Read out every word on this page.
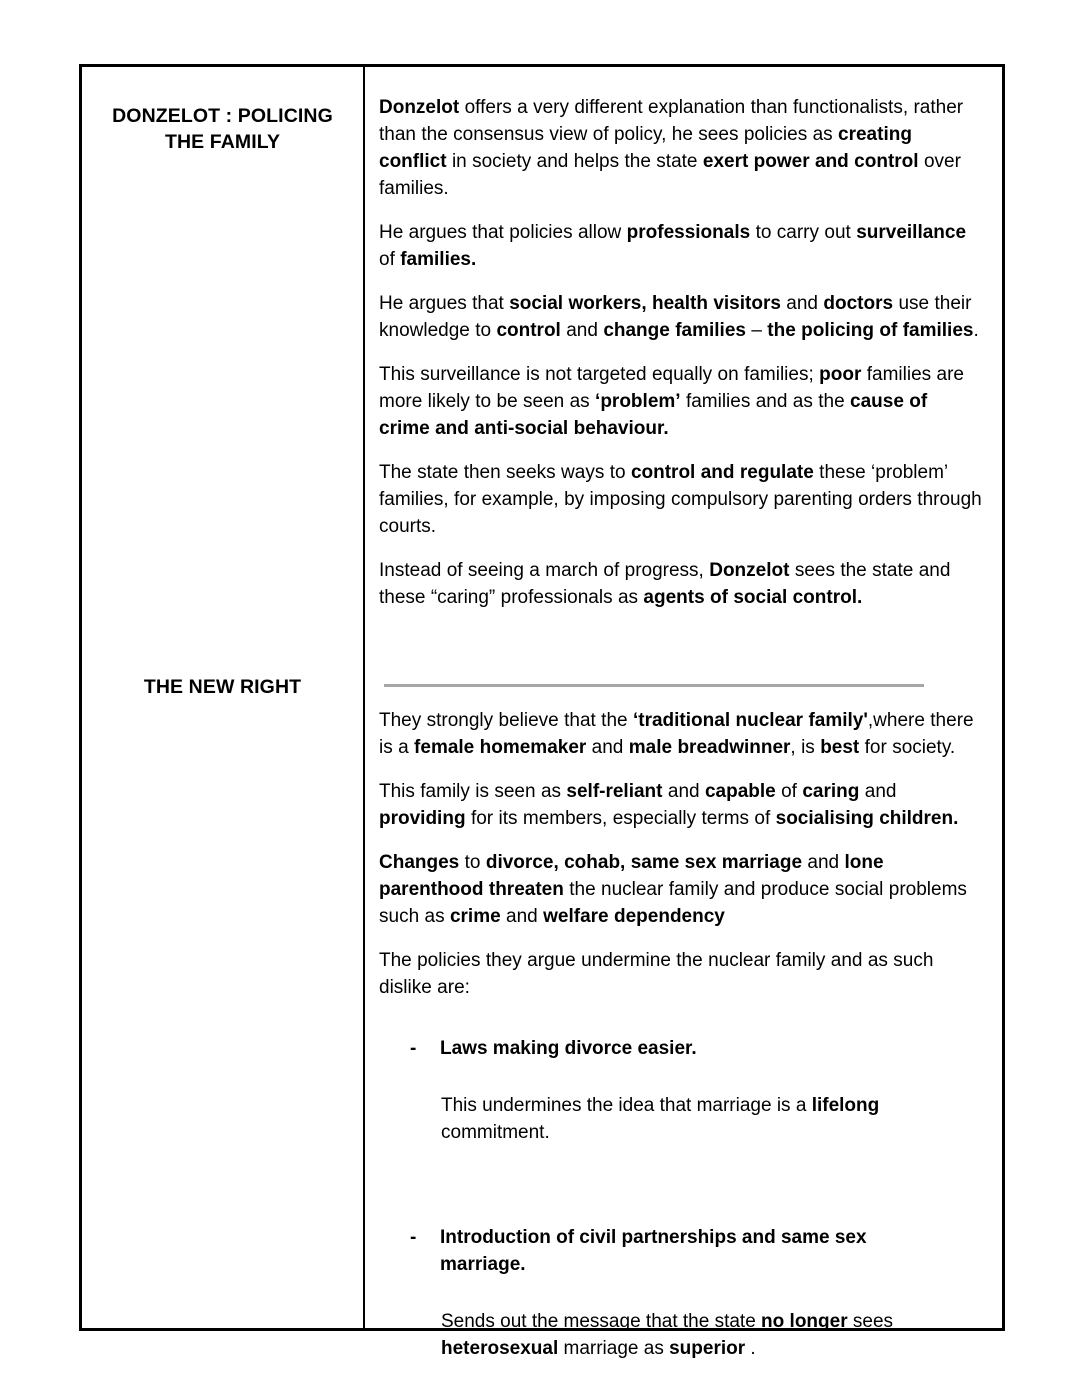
DONZELOT : POLICING THE FAMILY
THE NEW RIGHT

Donzelot offers a very different explanation than functionalists, rather than the consensus view of policy, he sees policies as creating conflict in society and helps the state exert power and control over families.

He argues that policies allow professionals to carry out surveillance of families.

He argues that social workers, health visitors and doctors use their knowledge to control and change families – the policing of families.

This surveillance is not targeted equally on families; poor families are more likely to be seen as ‘problem’ families and as the cause of crime and anti-social behaviour.

The state then seeks ways to control and regulate these ‘problem’ families, for example, by imposing compulsory parenting orders through courts.

Instead of seeing a march of progress, Donzelot sees the state and these “caring” professionals as agents of social control.

They strongly believe that the ‘traditional nuclear family',where there is a female homemaker and male breadwinner, is best for society.

This family is seen as self-reliant and capable of caring and providing for its members, especially terms of socialising children.

Changes to divorce, cohab, same sex marriage and lone parenthood threaten the nuclear family and produce social problems such as crime and welfare dependency

The policies they argue undermine the nuclear family and as such dislike are:

-	Laws making divorce easier.

This undermines the idea that marriage is a lifelong commitment.

-	Introduction of civil partnerships and same sex marriage.

Sends out the message that the state no longer sees heterosexual marriage as superior .
